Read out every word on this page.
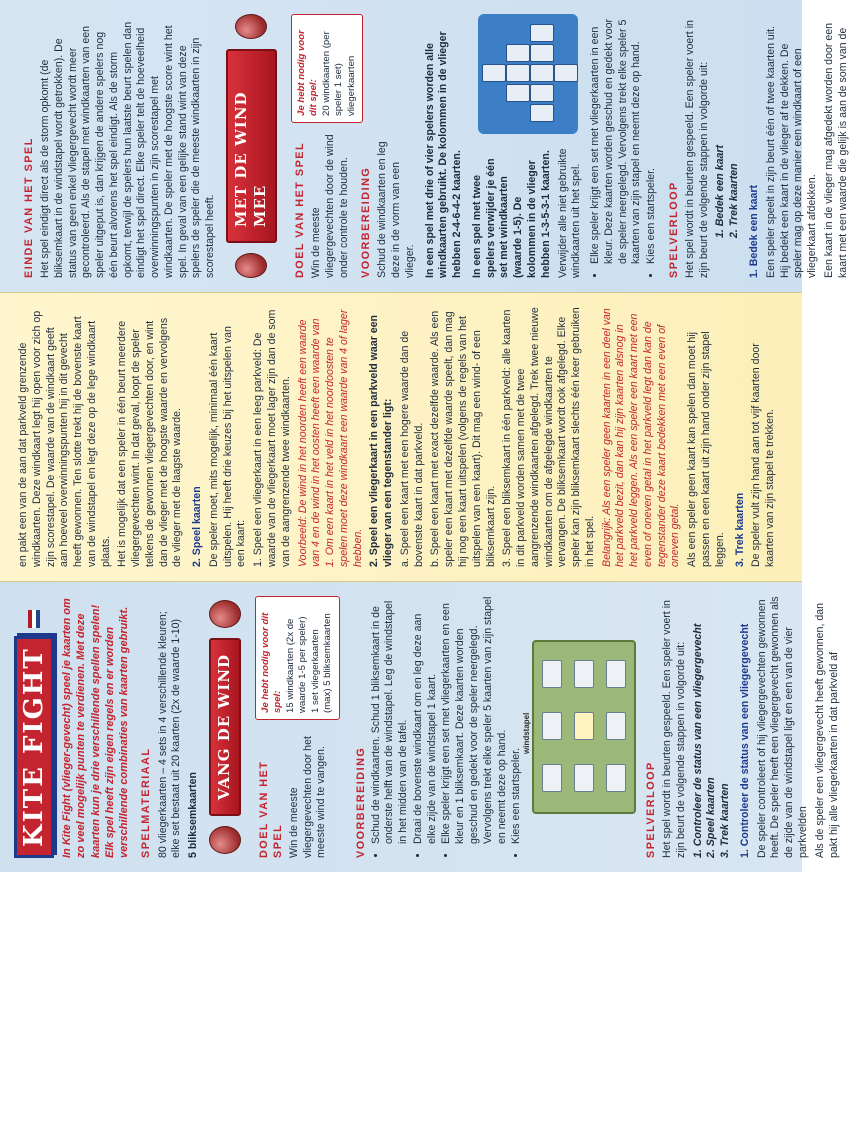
KITE FIGHT	In Kite Fight (vlieger-gevecht) speel je kaarten om zo veel mogelijk punten te verdienen. Met deze kaarten kun je drie verschillende spellen spelen! Elk spel heeft zijn eigen regels en er worden verschillende combinaties van kaarten gebruikt. SPELMATERIAAL 80 vliegerkaarten – 4 sets in 4 verschillende kleuren; elke set bestaat uit 20 kaarten (2x de waarde 1-10) 5 bliksemkaarten

VANG DE WIND
DOEL VAN HET SPEL Win de meeste vliegergevechten door het meeste wind te vangen.

Je hebt nodig voor dit spel: 15 windkaarten (2x de waarde 1-5 per speler) 1 set vliegerkaarten (max) 5 bliksemkaarten
VOORBEREIDING • Schud de windkaarten. Schud 1 bliksemkaart in de onderste helft van de windstapel. Leg de windstapel in het midden van de tafel. • Draai de bovenste windkaart om en leg deze aan elke zijde van de windstapel 1 kaart. • Elke speler krijgt een set met vliegerkaarten en een kleur en 1 bliksemkaart. Deze kaarten worden geschud en gedekt voor de speler neergelegd. Vervolgens trekt elke speler 5 kaarten van zijn stapel en neemt deze op hand. • Kies een startspeler.
windstapel
SPELVERLOOP Het spel wordt in beurten gespeeld. Een speler voert in zijn beurt de volgende stappen in volgorde uit: 1. Controleer de status van een vliegergevecht 2. Speel kaarten 3. Trek kaarten 1. Controleer de status van een vliegergevecht De speler controleert of hij vliegergevechten gewonnen heeft. De speler heeft een vliegergevecht gewonnen als de zijde van de windstapel ligt en een van de vier parkvelden Als de speler een vliegergevecht heeft gewonnen, dan pakt hij alle vliegerkaarten in dat parkveld af

en pakt een van de aan dat parkveld grenzende windkaarten. Deze windkaart legt hij open voor zich op zijn scorestapel. De waarde van de windkaart geeft aan hoeveel overwinningspunten hij in dit gevecht heeft gewonnen. Ten slotte trekt hij de bovenste kaart van de windstapel en legt deze op de lege windkaart plaats. Het is mogelijk dat een speler in één beurt meerdere vliegergevechten wint. In dat geval, loopt de speler telkens de gewonnen vliegergevechten door, en wint dan de vlieger met de hoogste waarde en vervolgens de vlieger met de laagste waarde. 2. Speel kaarten De speler moet, mits mogelijk, minimaal één kaart uitspelen. Hij heeft drie keuzes bij het uitspelen van een kaart: 1. Speel een vliegerkaart in een leeg parkveld: De waarde van de vliegerkaart moet lager zijn dan de som van de aangrenzende twee windkaarten. Voorbeeld: De wind in het noorden heeft een waarde van 4 en de wind in het oosten heeft een waarde van 1. Om een kaart in het veld in het noordoosten te spelen moet deze windkaart een waarde van 4 of lager hebben. 2. Speel een vliegerkaart in een parkveld waar een vlieger van een tegenstander ligt: a. Speel een kaart met een hogere waarde dan de bovenste kaart in dat parkveld. b. Speel een kaart met exact dezelfde waarde. Als een speler een kaart met dezelfde waarde speelt, dan mag hij nog een kaart uitspelen (volgens de regels van het uitspelen van een kaart). Dit mag een wind- of een bliksemkaart zijn. 3. Speel een bliksemkaart in één parkveld: alle kaarten in dit parkveld worden samen met de twee aangrenzende windkaarten afgelegd. Trek twee nieuwe windkaarten om de afgelegde windkaarten te vervangen. De bliksemkaart wordt ook afgelegd. Elke speler kan zijn bliksemkaart slechts één keer gebruiken in het spel. Belangrijk: Als een speler geen kaarten in een deel van het parkveld bezit, dan kan hij zijn kaarten alsnog in het parkveld leggen. Als een speler een kaart met een even of oneven getal in het parkveld legt dan kan de tegenstander deze kaart bedekken met een even of oneven getal. Als een speler geen kaart kan spelen dan moet hij passen en een kaart uit zijn hand onder zijn stapel leggen. 3. Trek kaarten De speler vult zijn hand aan tot vijf kaarten door kaarten van zijn stapel te trekken.

EINDE VAN HET SPEL Het spel eindigt direct als de storm opkomt (de bliksemkaart in de windstapel wordt getrokken). De status van geen enkel vliegergevecht wordt meer gecontroleerd. Als de stapel met windkaarten van een speler uitgeput is, dan krijgen de andere spelers nog één beurt alvorens het spel eindigt. Als de storm opkomt, terwijl de spelers hun laatste beurt spelen dan eindigt het spel direct. Elke speler telt de hoeveelheid overwinningspunten in zijn scorestapel met windkaarten. De speler met de hoogste score wint het spel. In geval van een gelijke stand wint van deze spelers de speler die de meeste windkaarten in zijn scorestapel heeft.

MET DE WIND MEE	DOEL VAN HET SPEL Win de meeste vliegergevechten door de wind onder controle te houden. VOORBEREIDING Schud de windkaarten en leg deze in de vorm van een vlieger.

Je hebt nodig voor dit spel: 20 windkaarten (per speler 1 set) vliegerkaarten	In een spel met drie of vier spelers worden alle windkaarten gebruikt. De kolommen in de vlieger hebben 2-4-6-4-2 kaarten. In een spel met twee spelers verwijder je één set met windkaarten (waarde 1-5). De kolommen in de vlieger hebben 1-3-5-3-1 kaarten. Verwijder alle niet gebruikte windkaarten uit het spel. • Elke speler krijgt een set met vliegerkaarten in een kleur. Deze kaarten worden geschud en gedekt voor de speler neergelegd. Vervolgens trekt elke speler 5 kaarten van zijn stapel en neemt deze op hand. • Kies een startspeler. SPELVERLOOP Het spel wordt in beurten gespeeld. Een speler voert in zijn beurt de volgende stappen in volgorde uit: 1. Bedek een kaart 2. Trek kaarten 1. Bedek een kaart Een speler speelt in zijn beurt één of twee kaarten uit. Hij bedekt een kaart in de vlieger af te dekken. De speler mag op deze manier een windkaart of een vliegerkaart afdekken. Een kaart in de vlieger mag afgedekt worden door een kaart met een waarde die gelijk is aan de som van de
